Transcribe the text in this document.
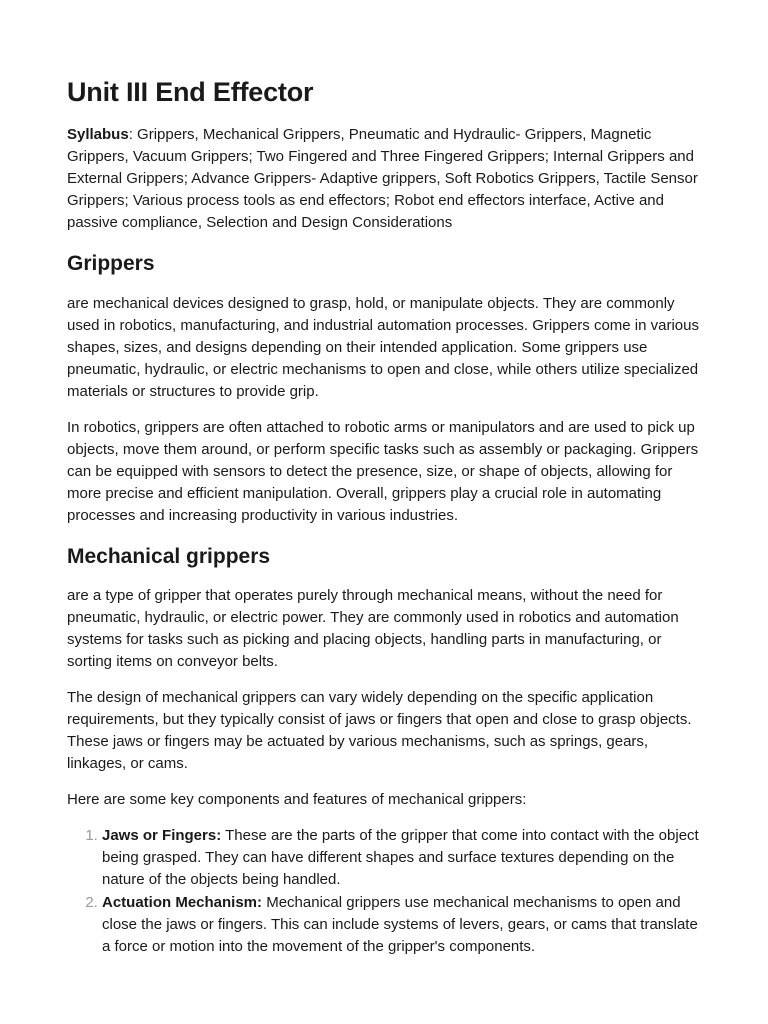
Unit III End Effector

Syllabus: Grippers, Mechanical Grippers, Pneumatic and Hydraulic- Grippers, Magnetic Grippers, Vacuum Grippers; Two Fingered and Three Fingered Grippers; Internal Grippers and External Grippers; Advance Grippers- Adaptive grippers, Soft Robotics Grippers, Tactile Sensor Grippers; Various process tools as end effectors; Robot end effectors interface, Active and passive compliance, Selection and Design Considerations

Grippers

are mechanical devices designed to grasp, hold, or manipulate objects. They are commonly used in robotics, manufacturing, and industrial automation processes. Grippers come in various shapes, sizes, and designs depending on their intended application. Some grippers use pneumatic, hydraulic, or electric mechanisms to open and close, while others utilize specialized materials or structures to provide grip.

In robotics, grippers are often attached to robotic arms or manipulators and are used to pick up objects, move them around, or perform specific tasks such as assembly or packaging. Grippers can be equipped with sensors to detect the presence, size, or shape of objects, allowing for more precise and efficient manipulation. Overall, grippers play a crucial role in automating processes and increasing productivity in various industries.

Mechanical grippers

are a type of gripper that operates purely through mechanical means, without the need for pneumatic, hydraulic, or electric power. They are commonly used in robotics and automation systems for tasks such as picking and placing objects, handling parts in manufacturing, or sorting items on conveyor belts.

The design of mechanical grippers can vary widely depending on the specific application requirements, but they typically consist of jaws or fingers that open and close to grasp objects. These jaws or fingers may be actuated by various mechanisms, such as springs, gears, linkages, or cams.

Here are some key components and features of mechanical grippers:

1. Jaws or Fingers: These are the parts of the gripper that come into contact with the object being grasped. They can have different shapes and surface textures depending on the nature of the objects being handled.
2. Actuation Mechanism: Mechanical grippers use mechanical mechanisms to open and close the jaws or fingers. This can include systems of levers, gears, or cams that translate a force or motion into the movement of the gripper's components.
